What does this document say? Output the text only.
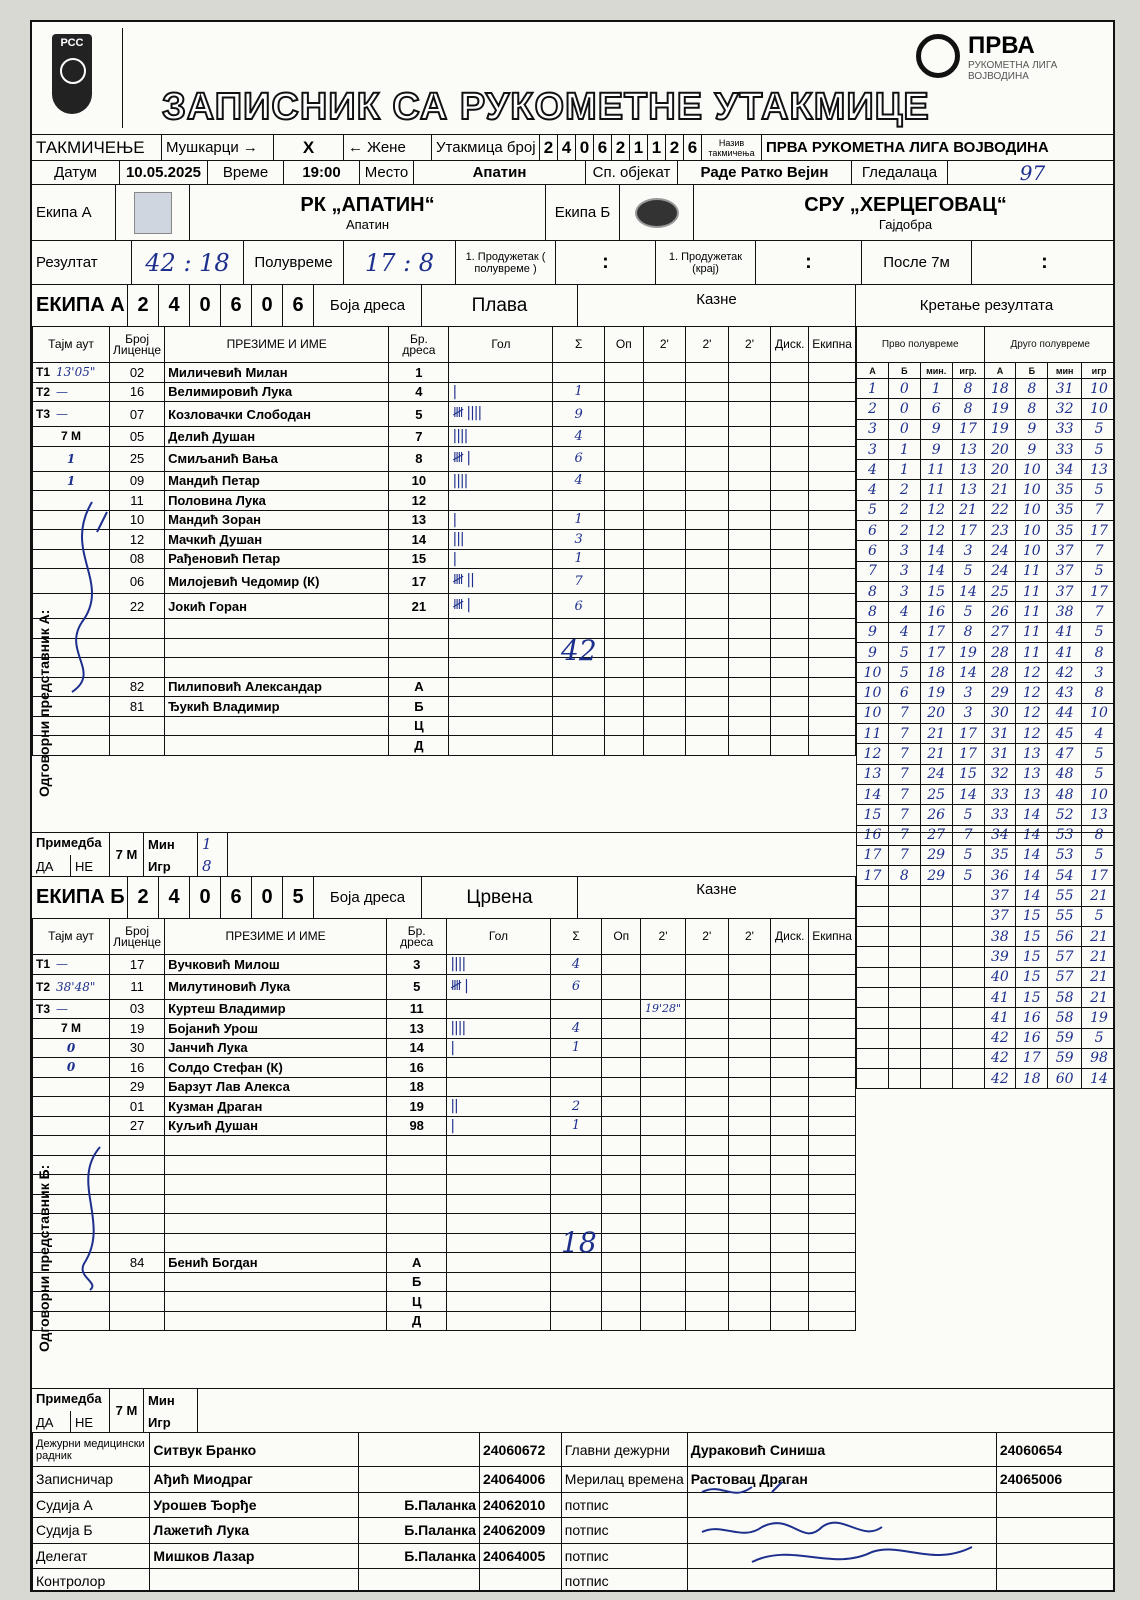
РСС
ЗАПИСНИК СА РУКОМЕТНЕ УТАКМИЦЕ
ПРВА
РУКОМЕТНА ЛИГА ВОЈВОДИНА
ТАКМИЧЕЊЕ	Мушкарци →	Х	← Жене	Утакмица број 2 4 0 6 2 1 1 2 6	Назив такмичења ПРВА РУКОМЕТНА ЛИГА ВОЈВОДИНА
Датум	10.05.2025	Време	19:00	Место	Апатин	Сп. објекат	Раде Ратко Вејин	Гледалаца	97
Екипа А	РК „АПАТИН“
Апатин
Екипа Б	СРУ „ХЕРЦЕГОВАЦ“
Гајдобра
Резултат	42 : 18	Полувреме	17 : 8	1. Продужетак ( полувреме )	:	1. Продужетак (крај)	:	После 7м	:
ЕКИПА А 2 4 0 6 0 6	Боја дреса	Плава	Казне	Кретање резултата
Тајм аут	Број Лиценце	ПРЕЗИМЕ И ИМЕ	Бр. дреса	Гол	Σ	Оп	2'	2'	2'	Диск.	Екипна
Т1 13'05"	02	Миличевић Милан	1								
Т2 —	16	Велимировић Лука	4	|	1						
Т3 —	07	Козловачки Слободан	5	𝍸 ||||	9						
7 М	05	Делић Душан	7	||||	4						
1	25	Смиљанић Вања	8	𝍸 |	6						
1	09	Мандић Петар	10	||||	4						
	11	Половина Лука	12								
	10	Мандић Зоран	13	|	1						
	12	Мачкић Душан	14	|||	3						
	08	Рађеновић Петар	15	|	1						
	06	Милојевић Чедомир (К)	17	𝍸 ||	7						
	22	Јокић Горан	21	𝍸 |	6						

	82	Пилиповић Александар	А								
	81	Ђукић Владимир	Б								
			Ц								
			Д								
Прво полувреме				Друго полувреме			
А	Б	мин.	игр.	А	Б	мин	игр
1	0	1	8	18	8	31	10
2	0	6	8	19	8	32	10
3	0	9	17	19	9	33	5
3	1	9	13	20	9	33	5
4	1	11	13	20	10	34	13
4	2	11	13	21	10	35	5
5	2	12	21	22	10	35	7
6	2	12	17	23	10	35	17
6	3	14	3	24	10	37	7
7	3	14	5	24	11	37	5
8	3	15	14	25	11	37	17
8	4	16	5	26	11	38	7
9	4	17	8	27	11	41	5
9	5	17	19	28	11	41	8
10	5	18	14	28	12	42	3
10	6	19	3	29	12	43	8
10	7	20	3	30	12	44	10
11	7	21	17	31	12	45	4
12	7	21	17	31	13	47	5
13	7	24	15	32	13	48	5
14	7	25	14	33	13	48	10
15	7	26	5	33	14	52	13
16	7	27	7	34	14	53	8
17	7	29	5	35	14	53	5
17	8	29	5	36	14	54	17
				37	14	55	21
				37	15	55	5
				38	15	56	21
				39	15	57	21
				40	15	57	21
				41	15	58	21
				41	16	58	19
				42	16	59	5
				42	17	59	98
				42	18	60	14
Одговорни представник А:
Примедба
ДА	НЕ
7 М
Мин
Игр
1
8
ЕКИПА Б 2 4 0 6 0 5	Боја дреса	Црвена	Казне
Тајм аут	Број Лиценце	ПРЕЗИМЕ И ИМЕ	Бр. дреса	Гол	Σ	Оп	2'	2'	2'	Диск.	Екипна
Т1 —	17	Вучковић Милош	3	||||	4						
Т2 38'48"	11	Милутиновић Лука	5	𝍸 |	6						
Т3 —	03	Куртеш Владимир	11				19'28"				
7 М	19	Бојанић Урош	13	||||	4						
0	30	Јанчић Лука	14	|	1						
0	16	Солдо Стефан (К)	16								
	29	Барзут Лав Алекса	18								
	01	Кузман Драган	19	||	2						
	27	Куљић Душан	98	|	1						

	84	Бенић Богдан	А								
			Б								
			Ц								
			Д								
Одговорни представник Б:
Примедба
ДА	НЕ
7 М
Мин
Игр
Дежурни медицински радник	Ситвук Бранко		24060672	Главни дежурни	Дураковић Синиша	24060654
Записничар	Ађић Миодраг		24064006	Мерилац времена	Растовац Драган	24065006
Судија А	Урошев Ђорђе	Б.Паланка	24062010	потпис		
Судија Б	Лажетић Лука	Б.Паланка	24062009	потпис		
Делегат	Мишков Лазар	Б.Паланка	24064005	потпис		
Контролор				потпис		
42
18
